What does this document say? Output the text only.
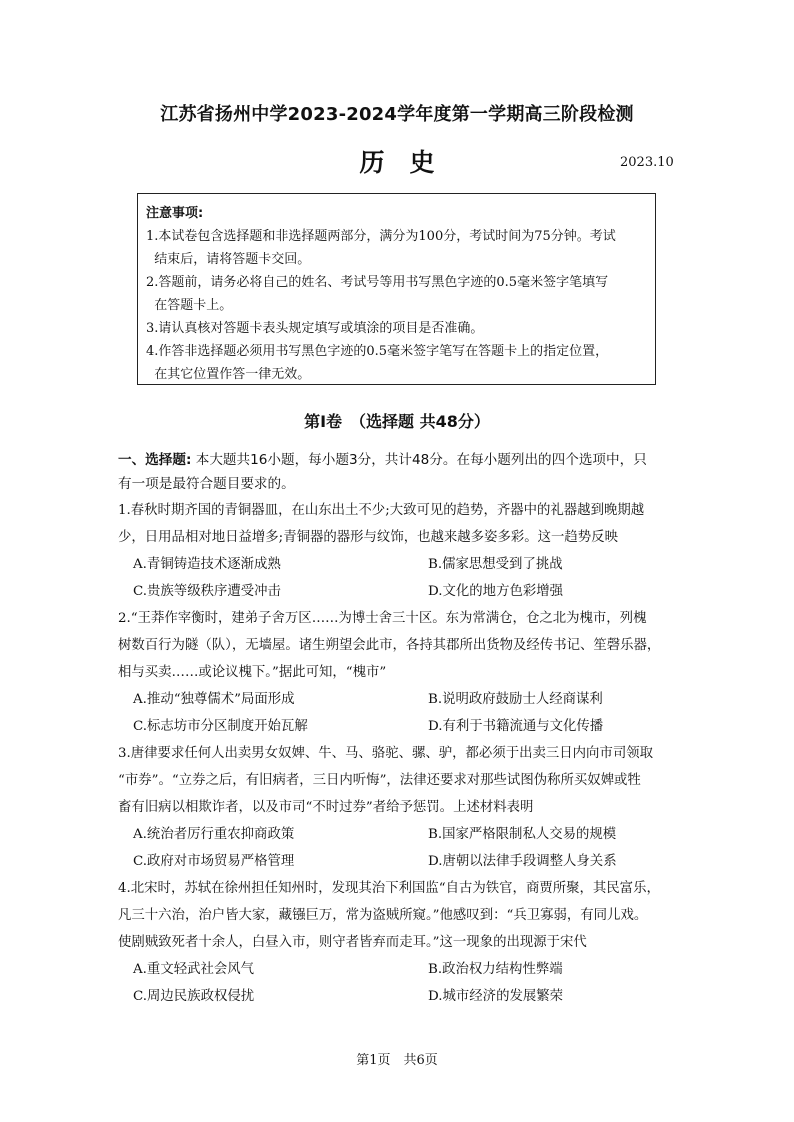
江苏省扬州中学2023-2024学年度第一学期高三阶段检测
历　史	2023.10
注意事项:
1.本试卷包含选择题和非选择题两部分，满分为100分，考试时间为75分钟。考试
结束后，请将答题卡交回。
2.答题前，请务必将自己的姓名、考试号等用书写黑色字迹的0.5毫米签字笔填写
在答题卡上。
3.请认真核对答题卡表头规定填写或填涂的项目是否准确。
4.作答非选择题必须用书写黑色字迹的0.5毫米签字笔写在答题卡上的指定位置，
在其它位置作答一律无效。
第Ⅰ卷　（选择题 共48分）
一、选择题: 本大题共16小题，每小题3分，共计48分。在每小题列出的四个选项中，只
有一项是最符合题目要求的。
1.春秋时期齐国的青铜器皿，在山东出土不少;大致可见的趋势，齐器中的礼器越到晚期越
少，日用品相对地日益增多;青铜器的器形与纹饰，也越来越多姿多彩。这一趋势反映
A.青铜铸造技术逐渐成熟	B.儒家思想受到了挑战
C.贵族等级秩序遭受冲击	D.文化的地方色彩增强
2.“王莽作宰衡时，建弟子舍万区……为博士舍三十区。东为常满仓，仓之北为槐市，列槐
树数百行为隧（队），无墙屋。诸生朔望会此市，各持其郡所出货物及经传书记、笙磬乐器，
相与买卖……或论议槐下。”据此可知，“槐市”
A.推动“独尊儒术”局面形成	B.说明政府鼓励士人经商谋利
C.标志坊市分区制度开始瓦解	D.有利于书籍流通与文化传播
3.唐律要求任何人出卖男女奴婢、牛、马、骆驼、骡、驴，都必须于出卖三日内向市司领取
“市券”。“立券之后，有旧病者，三日内听悔”，法律还要求对那些试图伪称所买奴婢或牲
畜有旧病以相欺诈者，以及市司“不时过券”者给予惩罚。上述材料表明
A.统治者厉行重农抑商政策	B.国家严格限制私人交易的规模
C.政府对市场贸易严格管理	D.唐朝以法律手段调整人身关系
4.北宋时，苏轼在徐州担任知州时，发现其治下利国监“自古为铁官，商贾所聚，其民富乐，
凡三十六治，治户皆大家，藏镪巨万，常为盗贼所窥。”他感叹到：“兵卫寡弱，有同儿戏。
使剧贼致死者十余人，白昼入市，则守者皆弃而走耳。”这一现象的出现源于宋代
A.重文轻武社会风气	B.政治权力结构性弊端
C.周边民族政权侵扰	D.城市经济的发展繁荣
第1页　共6页
